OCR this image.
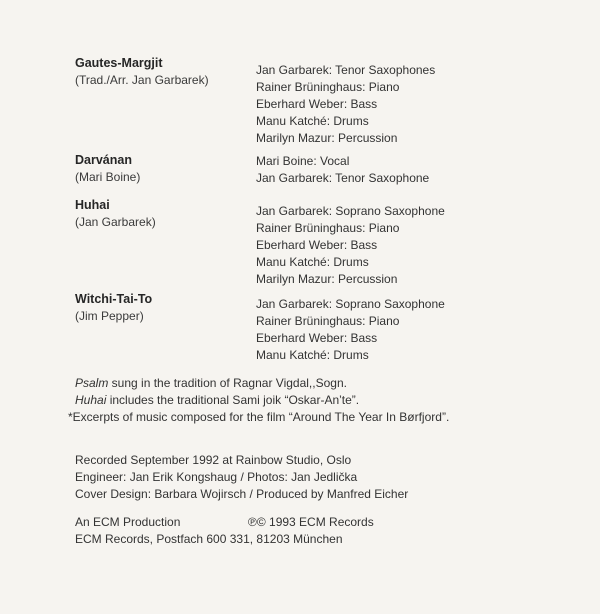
Gautes-Margjit
(Trad./Arr. Jan Garbarek)
Jan Garbarek: Tenor Saxophones
Rainer Brüninghaus: Piano
Eberhard Weber: Bass
Manu Katché: Drums
Marilyn Mazur: Percussion
Darvánan
(Mari Boine)
Mari Boine: Vocal
Jan Garbarek: Tenor Saxophone
Huhai
(Jan Garbarek)
Jan Garbarek: Soprano Saxophone
Rainer Brüninghaus: Piano
Eberhard Weber: Bass
Manu Katché: Drums
Marilyn Mazur: Percussion
Witchi-Tai-To
(Jim Pepper)
Jan Garbarek: Soprano Saxophone
Rainer Brüninghaus: Piano
Eberhard Weber: Bass
Manu Katché: Drums
Psalm sung in the tradition of Ragnar Vigdal,,Sogn.
Huhai includes the traditional Sami joik “Oskar-An’te”.
*Excerpts of music composed for the film “Around The Year In Børfjord”.
Recorded September 1992 at Rainbow Studio, Oslo
Engineer: Jan Erik Kongshaug / Photos: Jan Jedlička
Cover Design: Barbara Wojirsch / Produced by Manfred Eicher
An ECM Production	℗© 1993 ECM Records
ECM Records, Postfach 600 331, 81203 München
